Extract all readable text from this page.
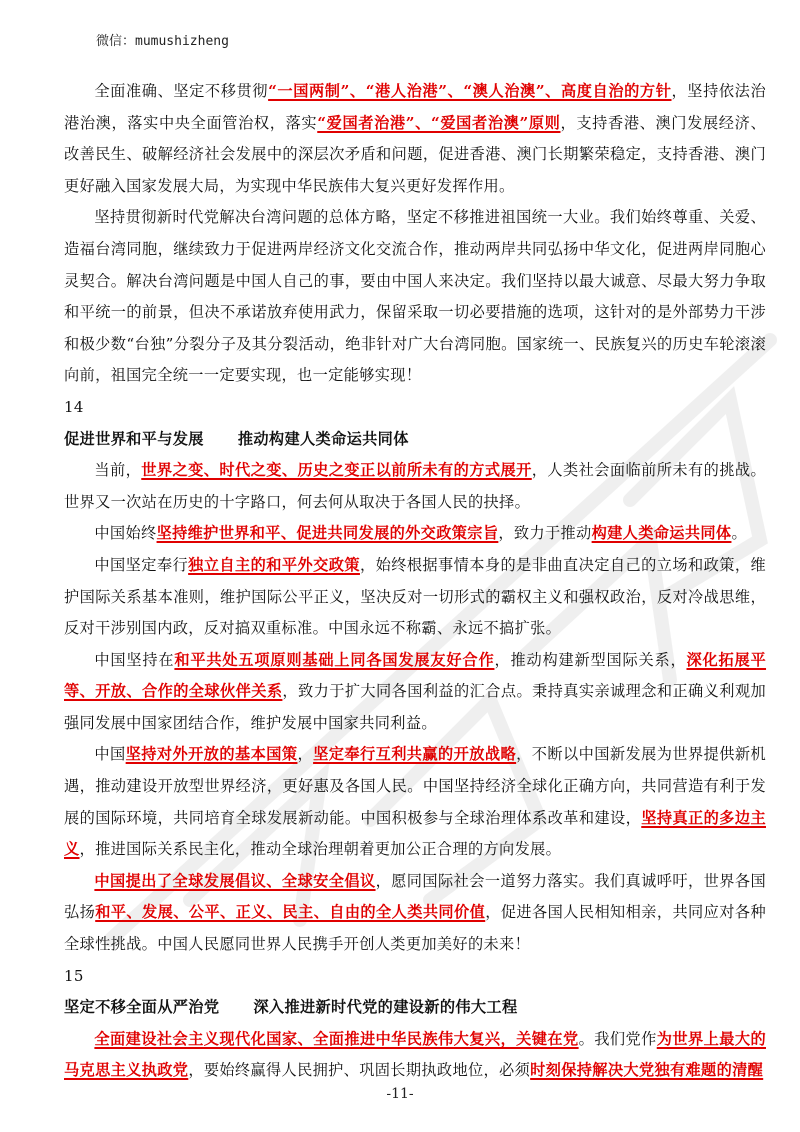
微信：mumushizheng

全面准确、坚定不移贯彻“一国两制”、“港人治港”、“澳人治澳”、高度自治的方针，坚持依法治港治澳，落实中央全面管治权，落实“爱国者治港”、“爱国者治澳”原则，支持香港、澳门发展经济、改善民生、破解经济社会发展中的深层次矛盾和问题，促进香港、澳门长期繁荣稳定，支持香港、澳门更好融入国家发展大局，为实现中华民族伟大复兴更好发挥作用。

坚持贯彻新时代党解决台湾问题的总体方略，坚定不移推进祖国统一大业。我们始终尊重、关爱、造福台湾同胞，继续致力于促进两岸经济文化交流合作，推动两岸共同弘扬中华文化，促进两岸同胞心灵契合。解决台湾问题是中国人自己的事，要由中国人来决定。我们坚持以最大诚意、尽最大努力争取和平统一的前景，但决不承诺放弃使用武力，保留采取一切必要措施的选项，这针对的是外部势力干涉和极少数“台独”分裂分子及其分裂活动，绝非针对广大台湾同胞。国家统一、民族复兴的历史车轮滚滚向前，祖国完全统一一定要实现，也一定能够实现！

14

促进世界和平与发展 推动构建人类命运共同体

当前，世界之变、时代之变、历史之变正以前所未有的方式展开，人类社会面临前所未有的挑战。世界又一次站在历史的十字路口，何去何从取决于各国人民的抉择。

中国始终坚持维护世界和平、促进共同发展的外交政策宗旨，致力于推动构建人类命运共同体。

中国坚定奉行独立自主的和平外交政策，始终根据事情本身的是非曲直决定自己的立场和政策，维护国际关系基本准则，维护国际公平正义，坚决反对一切形式的霸权主义和强权政治，反对冷战思维，反对干涉别国内政，反对搞双重标准。中国永远不称霸、永远不搞扩张。

中国坚持在和平共处五项原则基础上同各国发展友好合作，推动构建新型国际关系，深化拓展平等、开放、合作的全球伙伴关系，致力于扩大同各国利益的汇合点。秉持真实亲诚理念和正确义利观加强同发展中国家团结合作，维护发展中国家共同利益。

中国坚持对外开放的基本国策，坚定奉行互利共赢的开放战略，不断以中国新发展为世界提供新机遇，推动建设开放型世界经济，更好惠及各国人民。中国坚持经济全球化正确方向，共同营造有利于发展的国际环境，共同培育全球发展新动能。中国积极参与全球治理体系改革和建设，坚持真正的多边主义，推进国际关系民主化，推动全球治理朝着更加公正合理的方向发展。

中国提出了全球发展倡议、全球安全倡议，愿同国际社会一道努力落实。我们真诚呼吁，世界各国弘扬和平、发展、公平、正义、民主、自由的全人类共同价值，促进各国人民相知相亲，共同应对各种全球性挑战。中国人民愿同世界人民携手开创人类更加美好的未来！

15

坚定不移全面从严治党 深入推进新时代党的建设新的伟大工程

全面建设社会主义现代化国家、全面推进中华民族伟大复兴，关键在党。我们党作为世界上最大的马克思主义执政党，要始终赢得人民拥护、巩固长期执政地位，必须时刻保持解决大党独有难题的清醒

-11-
